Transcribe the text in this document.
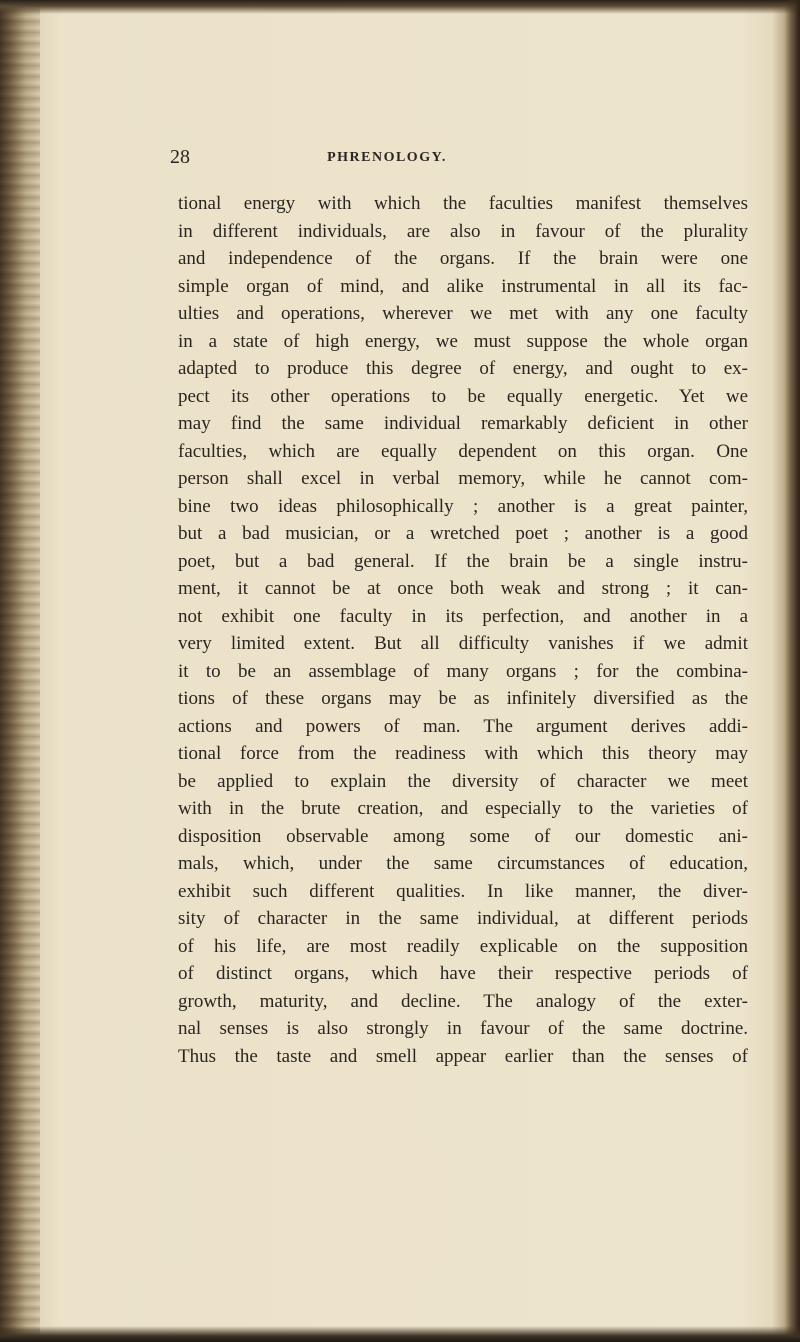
28	PHRENOLOGY.
tional energy with which the faculties manifest themselves
in different individuals, are also in favour of the plurality
and independence of the organs. If the brain were one
simple organ of mind, and alike instrumental in all its fac-
ulties and operations, wherever we met with any one faculty
in a state of high energy, we must suppose the whole organ
adapted to produce this degree of energy, and ought to ex-
pect its other operations to be equally energetic. Yet we
may find the same individual remarkably deficient in other
faculties, which are equally dependent on this organ. One
person shall excel in verbal memory, while he cannot com-
bine two ideas philosophically ; another is a great painter,
but a bad musician, or a wretched poet ; another is a good
poet, but a bad general. If the brain be a single instru-
ment, it cannot be at once both weak and strong ; it can-
not exhibit one faculty in its perfection, and another in a
very limited extent. But all difficulty vanishes if we admit
it to be an assemblage of many organs ; for the combina-
tions of these organs may be as infinitely diversified as the
actions and powers of man. The argument derives addi-
tional force from the readiness with which this theory may
be applied to explain the diversity of character we meet
with in the brute creation, and especially to the varieties of
disposition observable among some of our domestic ani-
mals, which, under the same circumstances of education,
exhibit such different qualities. In like manner, the diver-
sity of character in the same individual, at different periods
of his life, are most readily explicable on the supposition
of distinct organs, which have their respective periods of
growth, maturity, and decline. The analogy of the exter-
nal senses is also strongly in favour of the same doctrine.
Thus the taste and smell appear earlier than the senses of
